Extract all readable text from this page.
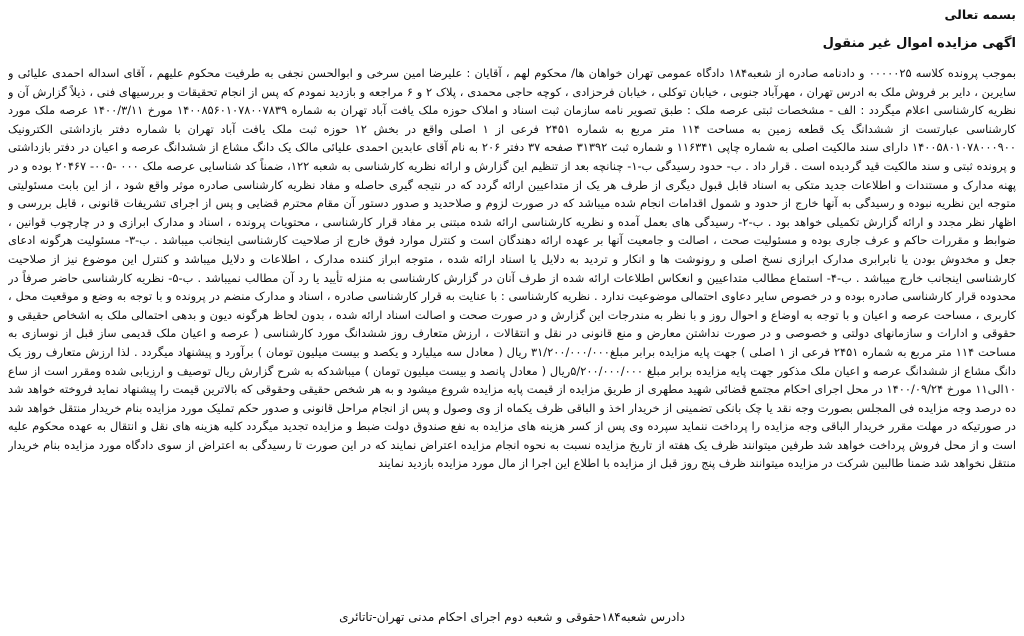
بسمه تعالی

اگهی مزایده اموال غیر منقول

بموجب پرونده کلاسه ۰۰۰۰۰۲۵ و دادنامه صادره از شعبه۱۸۴ دادگاه عمومی تهران خواهان ها/ محکوم لهم ، آقایان : علیرضا امین سرخی و ابوالحسن نجفی به طرفیت محکوم علیهم ، آقای اسداله احمدی علیائی و سایرین ، دایر بر فروش ملک به ادرس تهران ، مهرآباد جنوبی ، خیابان توکلی ، خیابان فرحزادی ، کوچه حاجی محمدی ، پلاک ۲ و ۶ مراجعه و بازدید نمودم که پس از انجام تحقیقات و بررسیهای فنی ، ذیلاً گزارش آن و نظریه کارشناسی اعلام میگردد : الف - مشخصات ثبتی عرصه ملک : طبق تصویر نامه سازمان ثبت اسناد و املاک حوزه ملک یافت آباد تهران به شماره ۱۴۰۰۸۵۶۰۱۰۷۸۰۰۷۸۳۹ مورخ ۱۴۰۰/۳/۱۱ عرصه ملک مورد کارشناسی عبارتست از ششدانگ یک قطعه زمین به مساحت ۱۱۴ متر مربع به شماره ۲۴۵۱ فرعی از ۱ اصلی واقع در بخش ۱۲ حوزه ثبت ملک یافت آباد تهران با شماره دفتر بازداشتی الکترونیک ۱۴۰۰۵۸۰۱۰۷۸۰۰۰۹۰۰ دارای سند مالکیت اصلی به شماره چاپی ۱۱۶۳۴۱ و شماره ثبت ۳۱۳۹۲ صفحه ۳۷ دفتر ۲۰۶ به نام آقای عابدین احمدی علیائی مالک یک دانگ مشاع از ششدانگ عرصه و اعیان در دفتر بازداشتی و پرونده ثبتی و سند مالکیت قید گردیده است . قرار داد . ب- حدود رسیدگی ب-۱- چنانچه بعد از تنظیم این گزارش و ارائه نظریه کارشناسی به شعبه ۱۲۲، ضمناً کد شناسایی عرصه ملک ۰۰۰ -۰۰۵- ۲۰۴۶۷ بوده و در پهنه مدارک و مستندات و اطلاعات جدید متکی به اسناد قابل قبول دیگری از طرف هر یک از متداعیین ارائه گردد که در نتیجه گیری حاصله و مفاد نظریه کارشناسی صادره موثر واقع شود ، از این بابت مسئولیتی متوجه این نظریه نبوده و رسیدگی به آنها خارج از حدود و شمول اقدامات انجام شده میباشد که در صورت لزوم و صلاحدید و صدور دستور آن مقام محترم قضایی و پس از اجرای تشریفات قانونی ، قابل بررسی و اظهار نظر مجدد و ارائه گزارش تکمیلی خواهد بود . ب-۲- رسیدگی های بعمل آمده و نظریه کارشناسی ارائه شده مبتنی بر مفاد قرار کارشناسی ، محتویات پرونده ، اسناد و مدارک ابرازی و در چارچوب قوانین ، ضوابط و مقررات حاکم و عرف جاری بوده و مسئولیت صحت ، اصالت و جامعیت آنها بر عهده ارائه دهندگان است و کنترل موارد فوق خارج از صلاحیت کارشناسی اینجانب میباشد . ب-۳- مسئولیت هرگونه ادعای جعل و مخدوش بودن یا نابرابری مدارک ابرازی نسخ اصلی و رونوشت ها و انکار و تردید به دلایل یا اسناد ارائه شده ، متوجه ابراز کننده مدارک ، اطلاعات و دلایل میباشد و کنترل این موضوع نیز از صلاحیت کارشناسی اینجانب خارج میباشد . ب-۴- استماع مطالب متداعیین و انعکاس اطلاعات ارائه شده از طرف آنان در گزارش کارشناسی به منزله تأیید یا رد آن مطالب نمیباشد . ب-۵- نظریه کارشناسی حاضر صرفاً در محدوده قرار کارشناسی صادره بوده و در خصوص سایر دعاوی احتمالی موضوعیت ندارد . نظریه کارشناسی : با عنایت به قرار کارشناسی صادره ، اسناد و مدارک منضم در پرونده و با توجه به وضع و موقعیت محل ، کاربری ، مساحت عرصه و اعیان و با توجه به اوضاع و احوال روز و با نظر به مندرجات این گزارش و در صورت صحت و اصالت اسناد ارائه شده ، بدون لحاظ هرگونه دیون و بدهی احتمالی ملک به اشخاص حقیقی و حقوقی و ادارات و سازمانهای دولتی و خصوصی و در صورت نداشتن معارض و منع قانونی در نقل و انتقالات ، ارزش متعارف روز ششدانگ مورد کارشناسی ( عرصه و اعیان ملک قدیمی ساز قبل از نوسازی به مساحت ۱۱۴ متر مربع به شماره ۲۴۵۱ فرعی از ۱ اصلی ) جهت پایه مزایده برابر مبلغ۳۱/۲۰۰/۰۰۰/۰۰۰ ریال ( معادل سه میلیارد و یکصد و بیست میلیون تومان ) برآورد و پیشنهاد میگردد . لذا ارزش متعارف روز یک دانگ مشاع از ششدانگ عرصه و اعیان ملک مذکور جهت پایه مزایده برابر مبلغ ۵/۲۰۰/۰۰۰/۰۰۰ریال ( معادل پانصد و بیست میلیون تومان ) میباشدکه به شرح گزارش ریال توصیف و ارزیابی شده ومقرر است از ساع ۱۰الی۱۱ مورخ ۱۴۰۰/۰۹/۲۴ در محل اجرای احکام مجتمع قضائی شهید مطهری از طریق مزایده از قیمت پایه مزایده شروع میشود و به هر شخص حقیقی وحقوقی که بالاترین قیمت را پیشنهاد نماید فروخته خواهد شد ده درصد وجه مزایده فی المجلس بصورت وجه نقد یا چک بانکی تضمینی از خریدار اخذ و الباقی ظرف یکماه از وی وصول و پس از انجام مراحل قانونی و صدور حکم تملیک مورد مزایده بنام خریدار منتقل خواهد شد در صورتیکه در مهلت مقرر خریدار الباقی وجه مزایده را پرداخت ننماید سپرده وی پس از کسر هزینه های مزایده به نفع صندوق دولت ضبط و مزایده تجدید میگردد کلیه هزینه های نقل و انتقال به عهده محکوم علیه است و از محل فروش پرداخت خواهد شد طرفین میتوانند ظرف یک هفته از تاریخ مزایده نسبت به نحوه انجام مزایده اعتراض نمایند که در این صورت تا رسیدگی به اعتراض از سوی دادگاه مورد مزایده بنام خریدار منتقل نخواهد شد ضمنا طالبین شرکت در مزایده میتوانند ظرف پنج روز قبل از مزایده با اطلاع این اجرا از مال مورد مزایده بازدید نمایند

دادرس شعبه۱۸۴حقوقی و شعبه دوم اجرای احکام مدنی تهران-تاتائری
